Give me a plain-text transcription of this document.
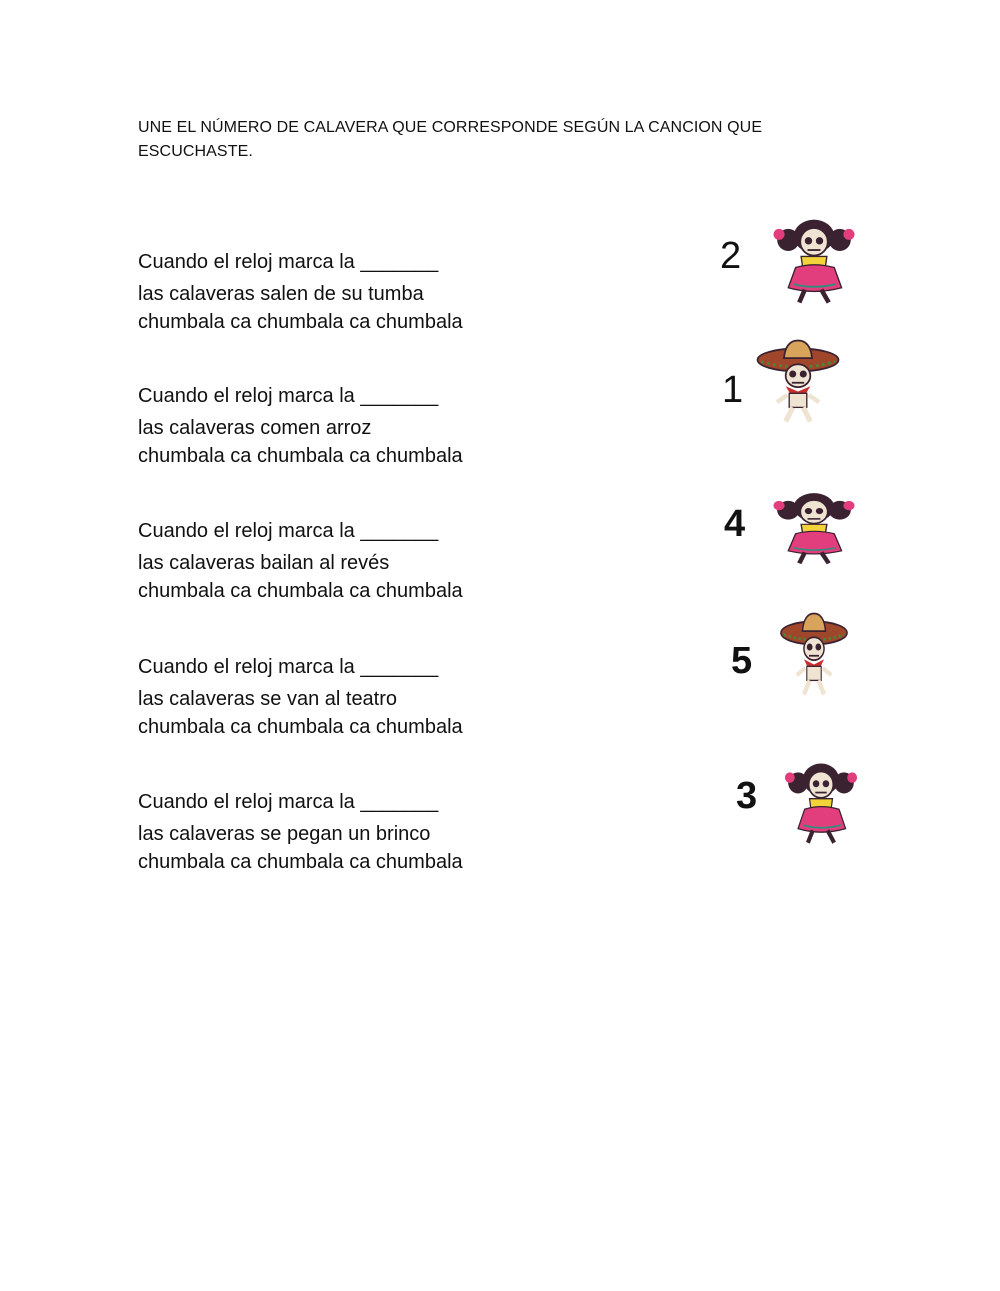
UNE EL NÚMERO DE CALAVERA QUE CORRESPONDE SEGÚN LA CANCION QUE ESCUCHASTE.
Cuando el reloj marca la _______
las calaveras salen de su tumba
chumbala ca chumbala ca chumbala
2
Cuando el reloj marca la _______
las calaveras comen arroz
chumbala ca chumbala ca chumbala
1
Cuando el reloj marca la _______
las calaveras bailan al revés
chumbala ca chumbala ca chumbala
4
Cuando el reloj marca la _______
las calaveras se van al teatro
chumbala ca chumbala ca chumbala
5
Cuando el reloj marca la _______
las calaveras se pegan un brinco
chumbala ca chumbala ca chumbala
3
